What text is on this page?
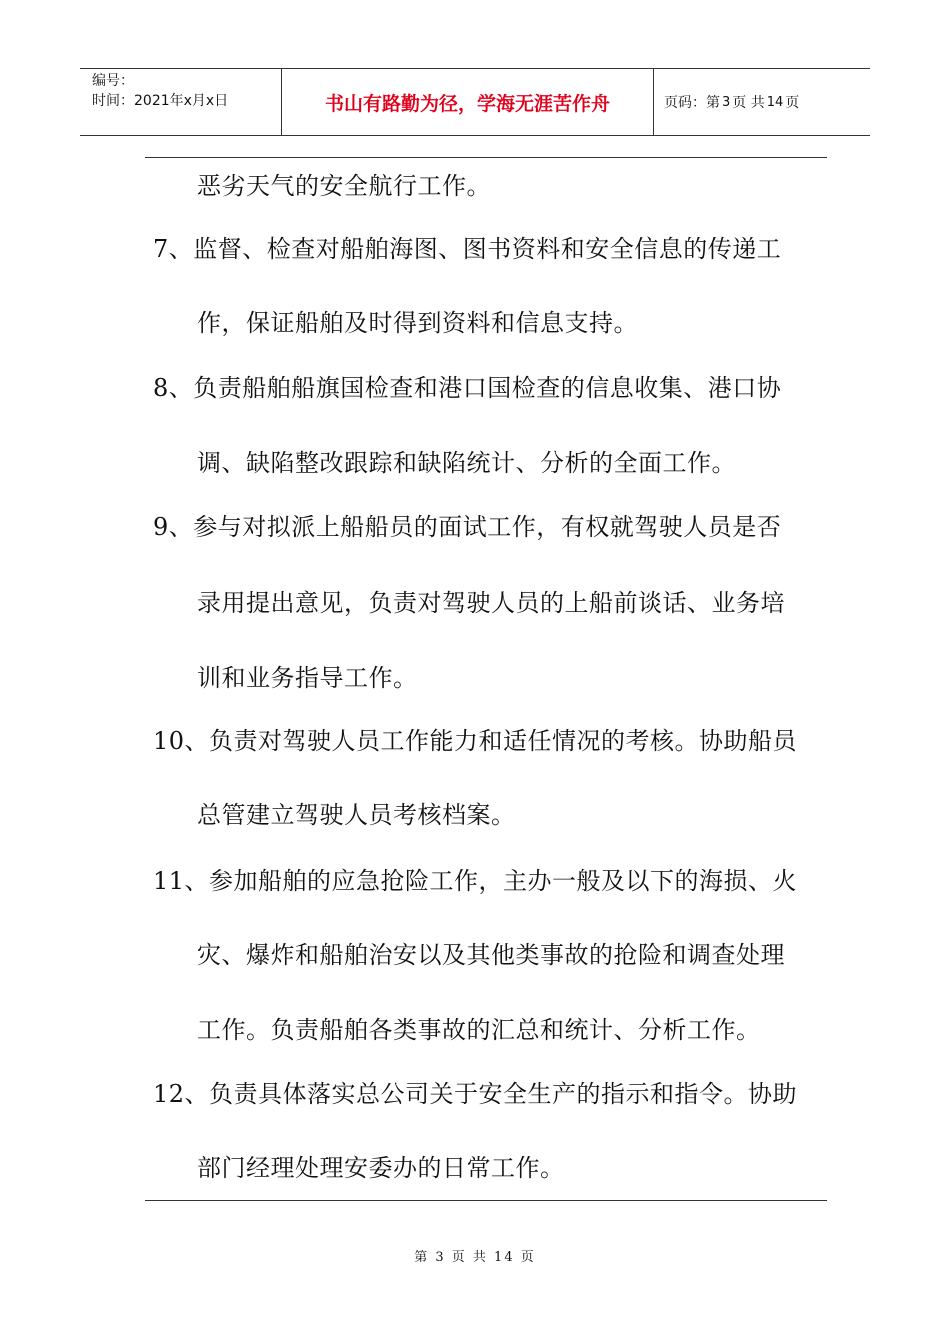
编号：
时间：2021年x月x日	书山有路勤为径，学海无涯苦作舟	页码：第 3 页 共 14 页
恶劣天气的安全航行工作。
7、监督、检查对船舶海图、图书资料和安全信息的传递工
作，保证船舶及时得到资料和信息支持。
8、负责船舶船旗国检查和港口国检查的信息收集、港口协
调、缺陷整改跟踪和缺陷统计、分析的全面工作。
9、参与对拟派上船船员的面试工作，有权就驾驶人员是否
录用提出意见，负责对驾驶人员的上船前谈话、业务培
训和业务指导工作。
10、负责对驾驶人员工作能力和适任情况的考核。协助船员
总管建立驾驶人员考核档案。
11、参加船舶的应急抢险工作，主办一般及以下的海损、火
灾、爆炸和船舶治安以及其他类事故的抢险和调查处理
工作。负责船舶各类事故的汇总和统计、分析工作。
12、负责具体落实总公司关于安全生产的指示和指令。协助
部门经理处理安委办的日常工作。
第 3 页 共 14 页
